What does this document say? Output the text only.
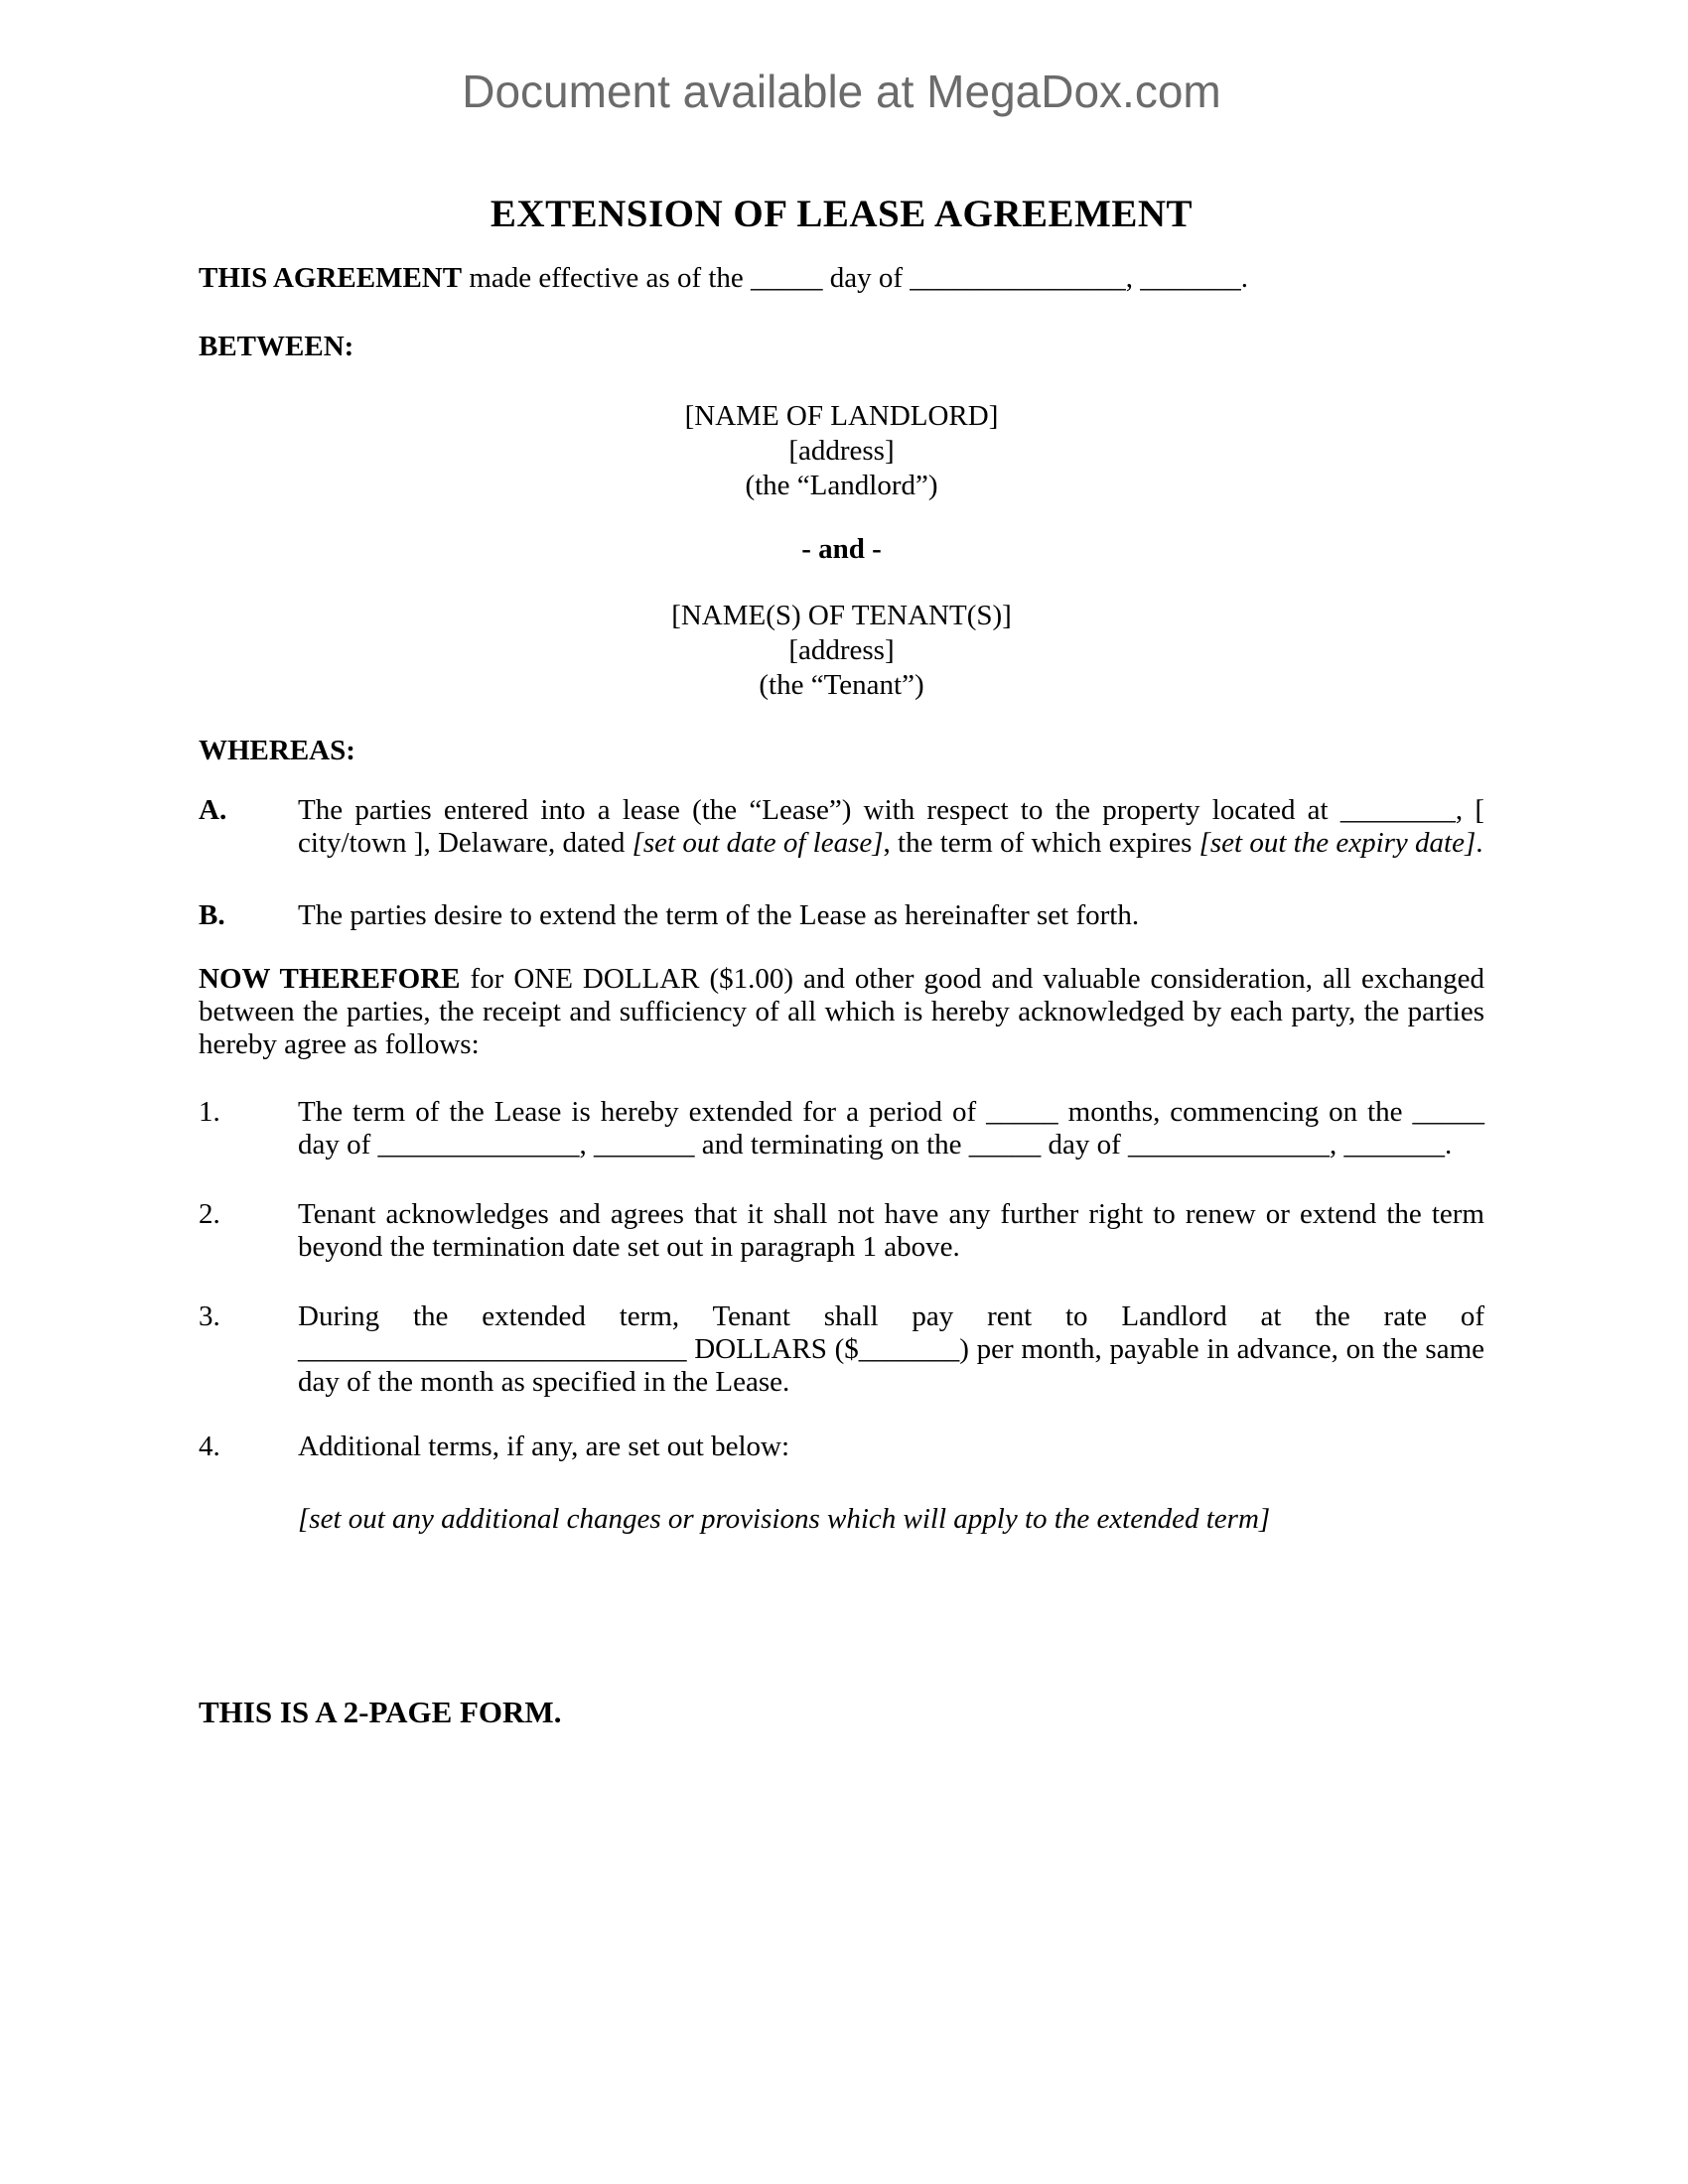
Document available at MegaDox.com
EXTENSION OF LEASE AGREEMENT

THIS AGREEMENT made effective as of the _____ day of _______________, _______.

BETWEEN:

[NAME OF LANDLORD]
[address]
(the “Landlord”)
- and -
[NAME(S) OF TENANT(S)]
[address]
(the “Tenant”)

WHEREAS:

A. The parties entered into a lease (the “Lease”) with respect to the property located at ________, [ city/town ], Delaware, dated [set out date of lease], the term of which expires [set out the expiry date].
B.	The parties desire to extend the term of the Lease as hereinafter set forth.

NOW THEREFORE for ONE DOLLAR ($1.00) and other good and valuable consideration, all exchanged between the parties, the receipt and sufficiency of all which is hereby acknowledged by each party, the parties hereby agree as follows:

1.	The term of the Lease is hereby extended for a period of _____ months, commencing on the _____ day of ______________, _______ and terminating on the _____ day of ______________, _______.
2.	Tenant acknowledges and agrees that it shall not have any further right to renew or extend the term beyond the termination date set out in paragraph 1 above.
3.	During the extended term, Tenant shall pay rent to Landlord at the rate of ___________________________ DOLLARS ($_______) per month, payable in advance, on the same day of the month as specified in the Lease.
4.	Additional terms, if any, are set out below:
[set out any additional changes or provisions which will apply to the extended term]

THIS IS A 2-PAGE FORM.
